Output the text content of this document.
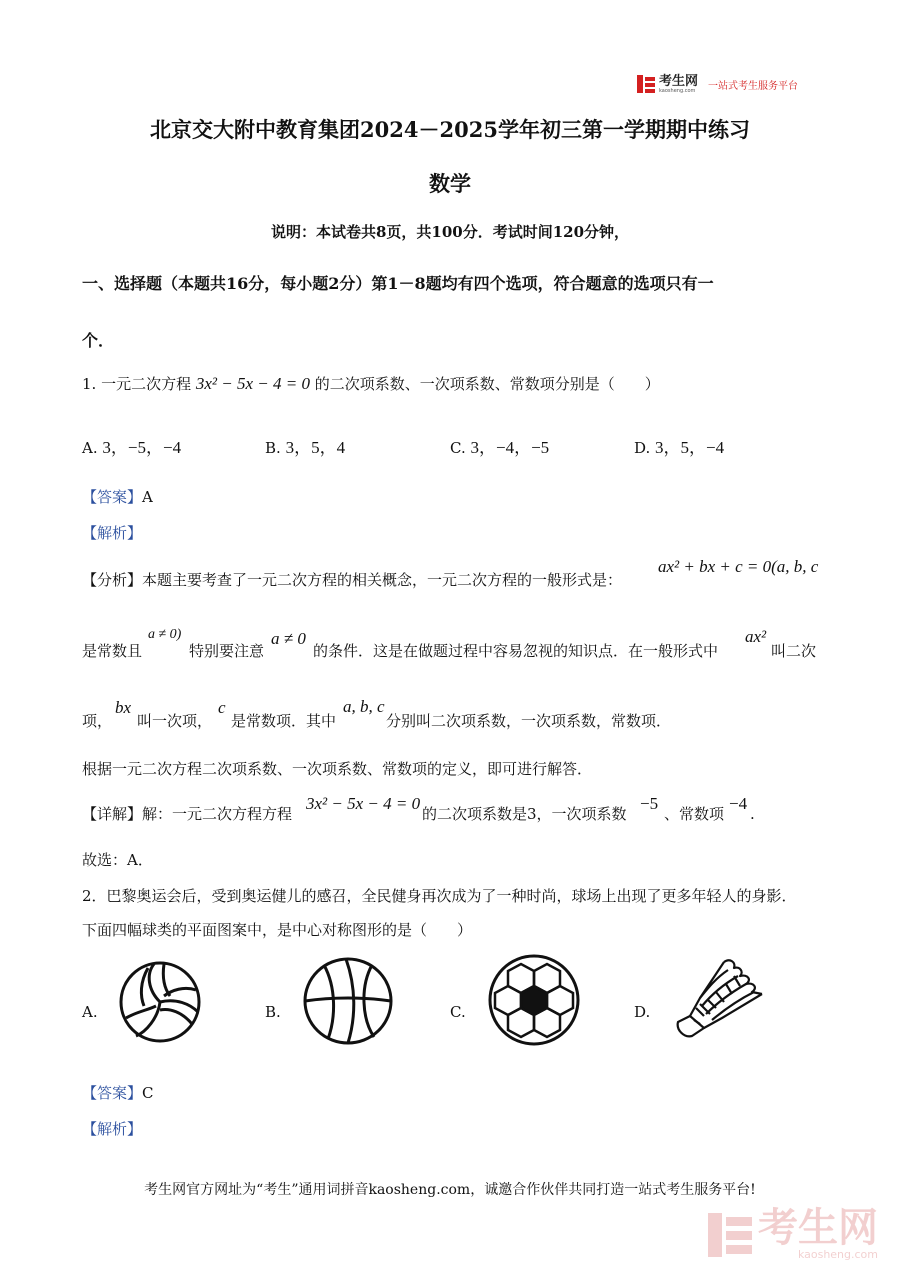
考生网
kaosheng.com 一站式考生服务平台
北京交大附中教育集团2024－2025学年初三第一学期期中练习
数学
说明：本试卷共8页，共100分．考试时间120分钟，
一、选择题（本题共16分，每小题2分）第1－8题均有四个选项，符合题意的选项只有一
个．
1. 一元二次方程 3x² − 5x − 4 = 0 的二次项系数、一次项系数、常数项分别是（　　）
A. 3，−5，−4	B. 3，5，4	C. 3，−4，−5	D. 3，5，−4
【答案】A
【解析】
【分析】本题主要考查了一元二次方程的相关概念，一元二次方程的一般形式是：
ax² + bx + c = 0(a, b, c
是常数且
a ≠ 0)
特别要注意
a ≠ 0
的条件．这是在做题过程中容易忽视的知识点．在一般形式中
ax²
叫二次
项，
bx
叫一次项，
c
是常数项．其中
a, b, c
分别叫二次项系数，一次项系数，常数项．
根据一元二次方程二次项系数、一次项系数、常数项的定义，即可进行解答．
【详解】解：一元二次方程方程
3x² − 5x − 4 = 0
的二次项系数是3，一次项系数
−5
、常数项
−4
.
故选：A．
2．巴黎奥运会后，受到奥运健儿的感召，全民健身再次成为了一种时尚，球场上出现了更多年轻人的身影．
下面四幅球类的平面图案中，是中心对称图形的是（　　）
A.	B.	C.	D.
【答案】C
【解析】
考生网官方网址为“考生”通用词拼音kaosheng.com，诚邀合作伙伴共同打造一站式考生服务平台!
考生网
kaosheng.com
